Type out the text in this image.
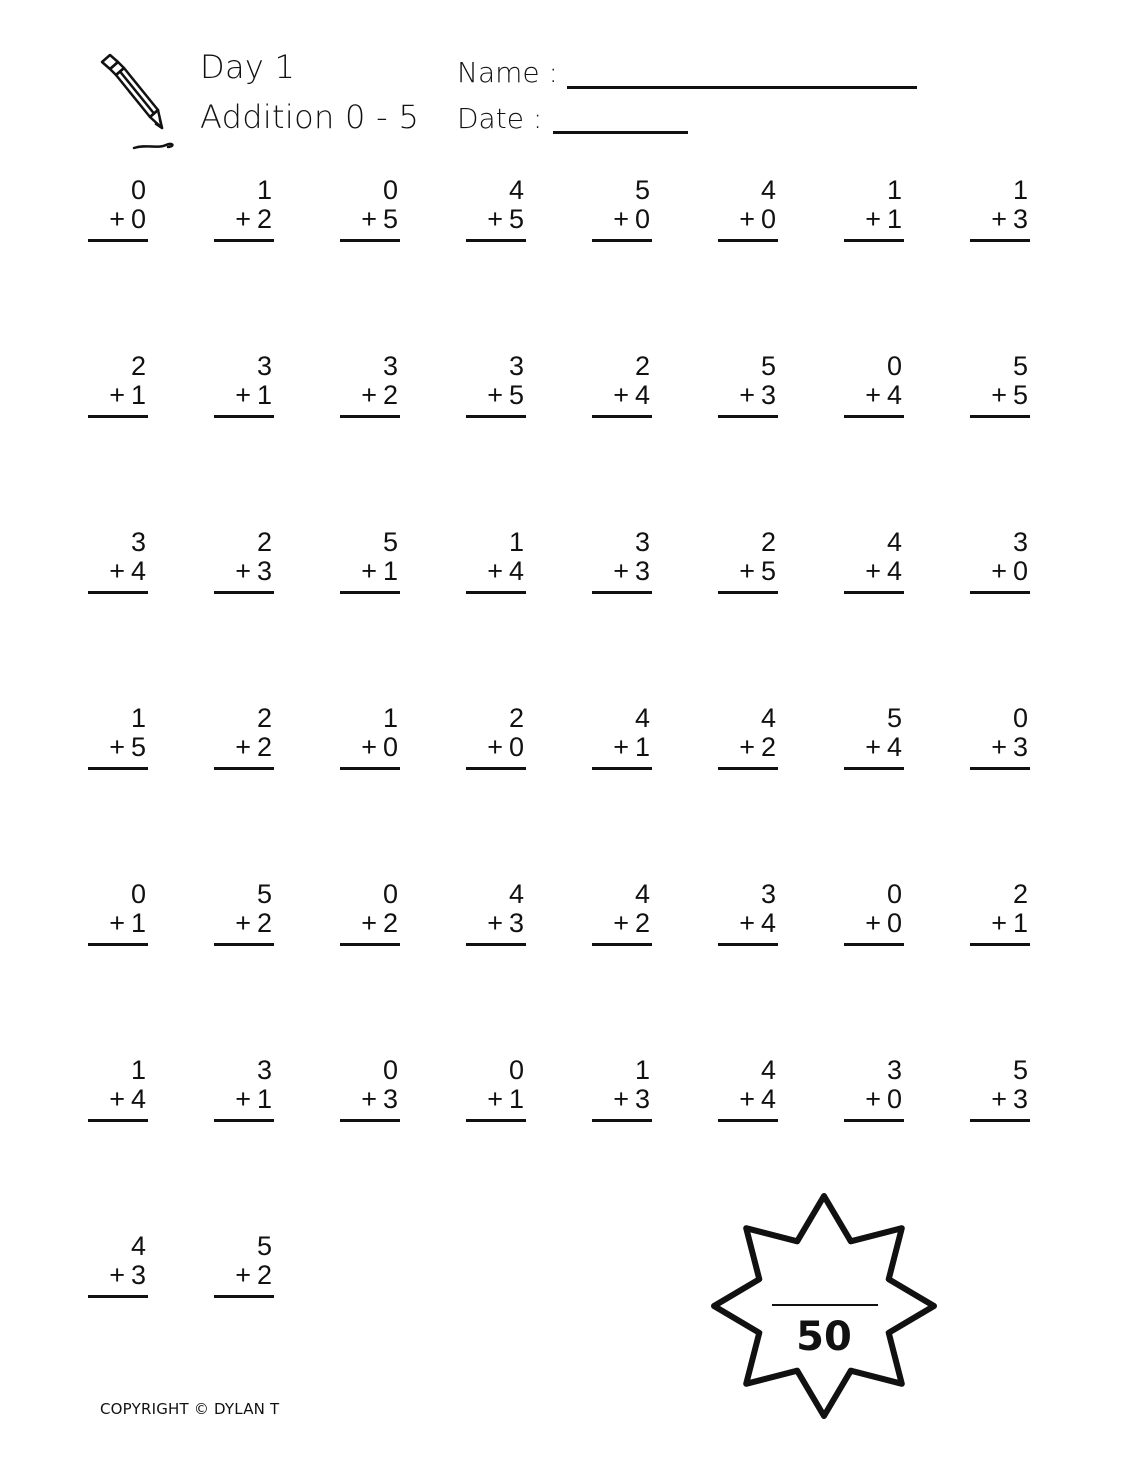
Day 1
Addition 0 - 5
Name :
Date :
0
+ 0
1
+ 2
0
+ 5
4
+ 5
5
+ 0
4
+ 0
1
+ 1
1
+ 3
2
+ 1
3
+ 1
3
+ 2
3
+ 5
2
+ 4
5
+ 3
0
+ 4
5
+ 5
3
+ 4
2
+ 3
5
+ 1
1
+ 4
3
+ 3
2
+ 5
4
+ 4
3
+ 0
1
+ 5
2
+ 2
1
+ 0
2
+ 0
4
+ 1
4
+ 2
5
+ 4
0
+ 3
0
+ 1
5
+ 2
0
+ 2
4
+ 3
4
+ 2
3
+ 4
0
+ 0
2
+ 1
1
+ 4
3
+ 1
0
+ 3
0
+ 1
1
+ 3
4
+ 4
3
+ 0
5
+ 3
4
+ 3
5
+ 2
50
COPYRIGHT © DYLAN T
